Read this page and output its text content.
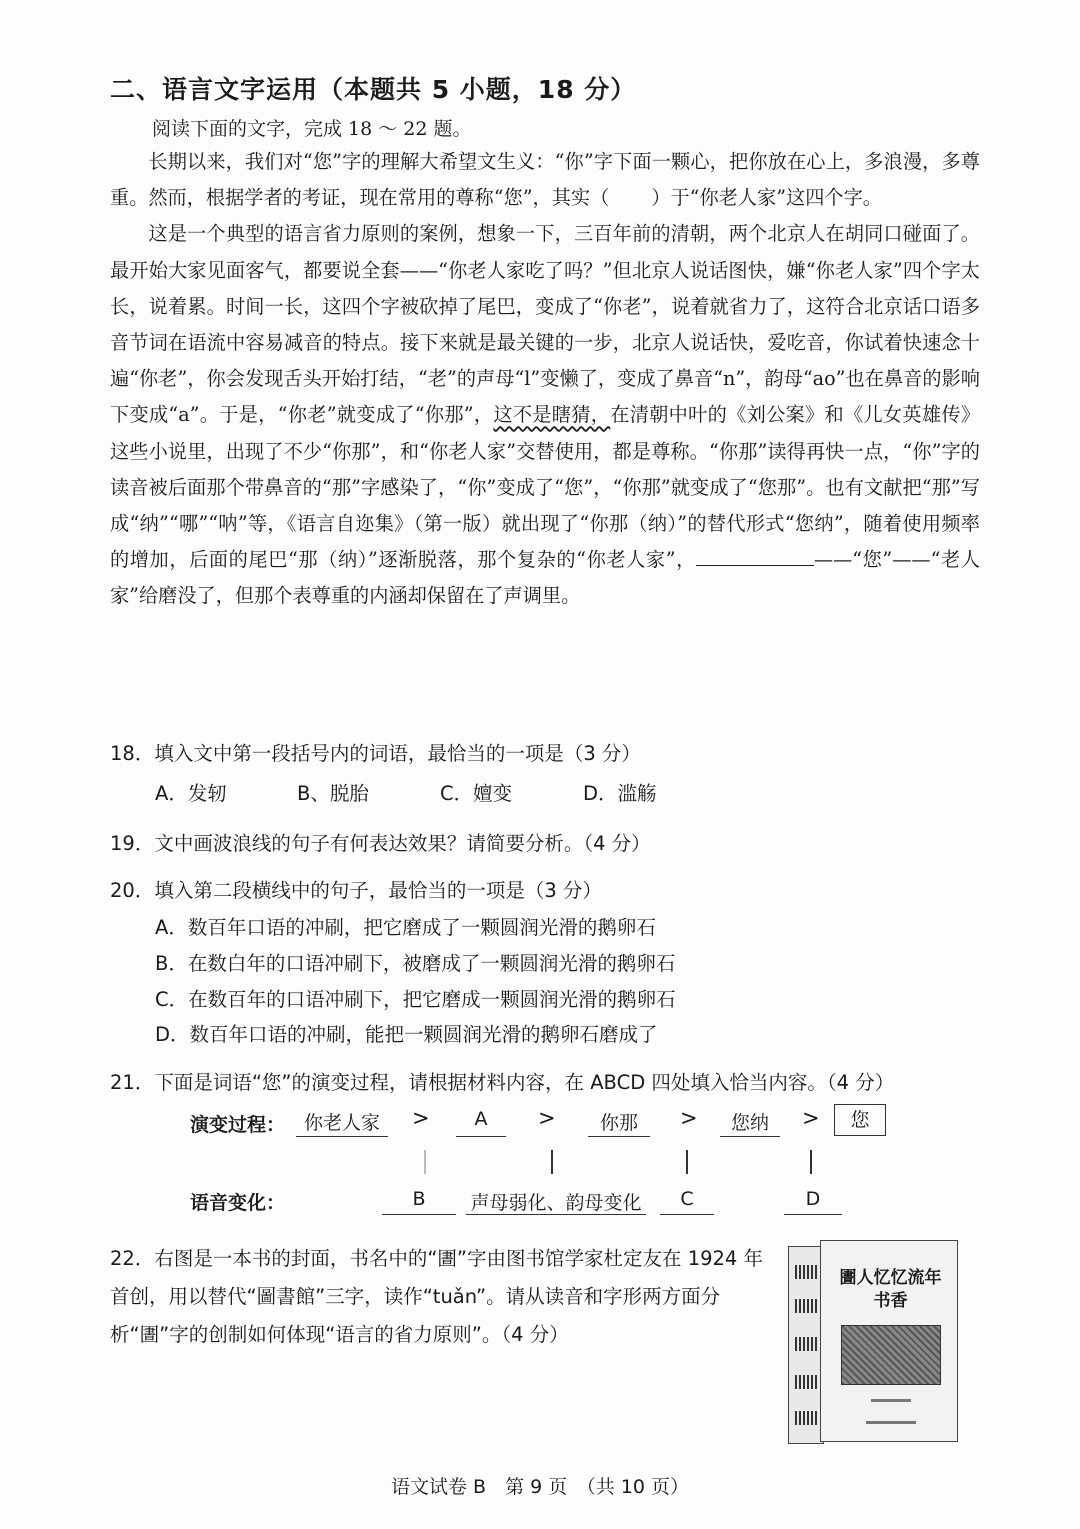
二、语言文字运用（本题共 5 小题，18 分）
阅读下面的文字，完成 18 ～ 22 题。

长期以来，我们对“您”字的理解大希望文生义：“你”字下面一颗心，把你放在心上，多浪漫，多尊重。然而，根据学者的考证，现在常用的尊称“您”，其实（ ）于“你老人家”这四个字。

这是一个典型的语言省力原则的案例，想象一下，三百年前的清朝，两个北京人在胡同口碰面了。最开始大家见面客气，都要说全套——“你老人家吃了吗？”但北京人说话图快，嫌“你老人家”四个字太长，说着累。时间一长，这四个字被砍掉了尾巴，变成了“你老”，说着就省力了，这符合北京话口语多音节词在语流中容易减音的特点。接下来就是最关键的一步，北京人说话快，爱吃音，你试着快速念十遍“你老”，你会发现舌头开始打结，“老”的声母“l”变懒了，变成了鼻音“n”，韵母“ao”也在鼻音的影响下变成“a”。于是，“你老”就变成了“你那”，这不是瞎猜，在清朝中叶的《刘公案》和《儿女英雄传》这些小说里，出现了不少“你那”，和“你老人家”交替使用，都是尊称。“你那”读得再快一点，“你”字的读音被后面那个带鼻音的“那”字感染了，“你”变成了“您”，“你那”就变成了“您那”。也有文献把“那”写成“纳”“哪”“呐”等，《语言自迩集》（第一版）就出现了“你那（纳）”的替代形式“您纳”，随着使用频率的增加，后面的尾巴“那（纳）”逐渐脱落，那个复杂的“你老人家”，	——“您”——“老人家”给磨没了，但那个表尊重的内涵却保留在了声调里。

18．填入文中第一段括号内的词语，最恰当的一项是（3 分）
A．发轫	B、脱胎	C．嬗变	D．滥觞
19．文中画波浪线的句子有何表达效果？请简要分析。（4 分）
20．填入第二段横线中的句子，最恰当的一项是（3 分）
A．数百年口语的冲刷，把它磨成了一颗圆润光滑的鹅卵石
B．在数白年的口语冲刷下，被磨成了一颗圆润光滑的鹅卵石
C．在数百年的口语冲刷下，把它磨成一颗圆润光滑的鹅卵石
D．数百年口语的冲刷，能把一颗圆润光滑的鹅卵石磨成了
21．下面是词语“您”的演变过程，请根据材料内容，在 ABCD 四处填入恰当内容。（4 分）
演变过程： 你老人家	>	A	>	你那	>	您纳	>	您
语音变化：	B	声母弱化、韵母变化	C	D
22．右图是一本书的封面，书名中的“圕”字由图书馆学家杜定友在 1924 年首创，用以替代“圖書館”三字，读作“tuǎn”。请从读音和字形两方面分析“圕”字的创制如何体现“语言的省力原则”。（4 分）
圕人忆忆流年书香
语文试卷 B　第 9 页　（共 10 页）
